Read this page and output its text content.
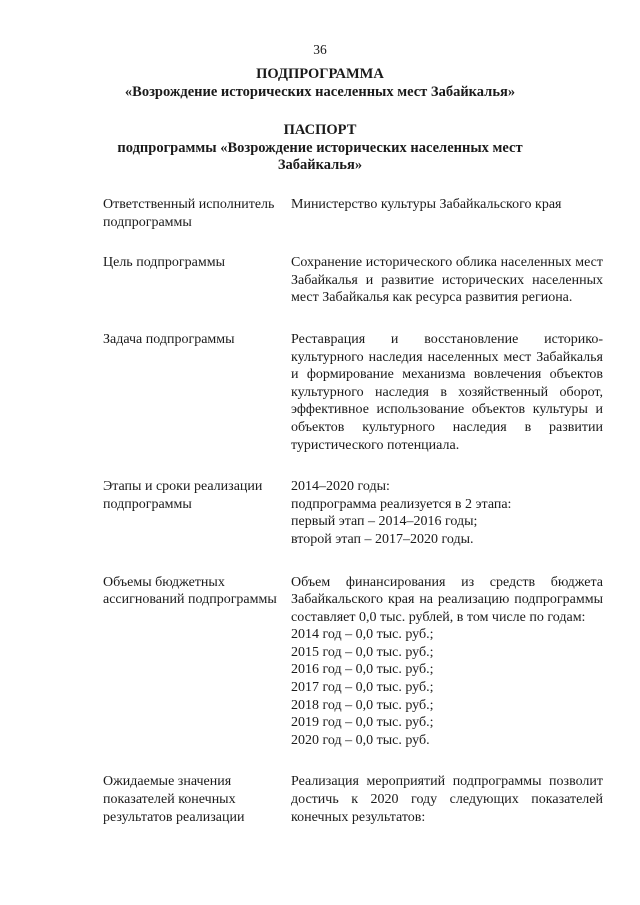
36
ПОДПРОГРАММА
«Возрождение исторических населенных мест Забайкалья»
ПАСПОРТ
подпрограммы «Возрождение исторических населенных мест
Забайкалья»
Ответственный исполнитель подпрограммы
Министерство культуры Забайкальского края
Цель подпрограммы	Сохранение исторического облика населенных мест Забайкалья и развитие исторических населенных мест Забайкалья как ресурса развития региона.
Задача подпрограммы	Реставрация и восстановление историко-культурного наследия населенных мест Забайкалья и формирование механизма вовлечения объектов культурного наследия в хозяйственный оборот, эффективное использование объектов культуры и объектов культурного наследия в развитии туристического потенциала.
Этапы и сроки реализации подпрограммы

2014–2020 годы:

подпрограмма реализуется в 2 этапа:

первый этап – 2014–2016 годы;

второй этап – 2017–2020 годы.

Объемы бюджетных ассигнований подпрограммы

Объем финансирования из средств бюджета Забайкальского края на реализацию подпрограммы составляет 0,0 тыс. рублей, в том числе по годам:

2014 год – 0,0 тыс. руб.;

2015 год – 0,0 тыс. руб.;

2016 год – 0,0 тыс. руб.;

2017 год – 0,0 тыс. руб.;

2018 год – 0,0 тыс. руб.;

2019 год – 0,0 тыс. руб.;

2020 год – 0,0 тыс. руб.

Ожидаемые значения показателей конечных результатов реализации
Реализация мероприятий подпрограммы позволит достичь к 2020 году следующих показателей конечных результатов:
